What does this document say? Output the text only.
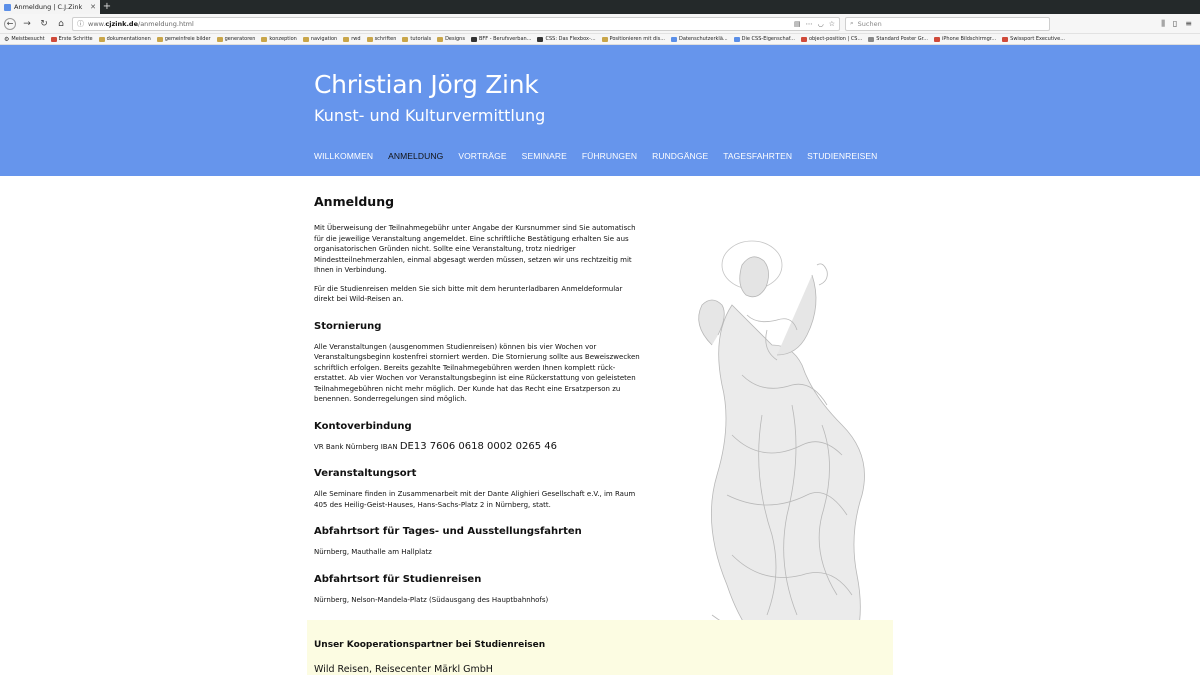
Anmeldung | C.J.Zink	✕ +
← → ↻	⌂	ⓘ www.cjzink.de/anmeldung.html	▤ ⋯ ◡ ☆ ⌕ Suchen	⫼ ▯ ≡
⚙ Meistbesucht	Erste Schritte	dokumentationen	gemeinfreie bilder	generatoren	konzeption	navigation	rwd	schriften	tutorials	Designs	BFF - Berufsverban...	CSS: Das Flexbox-...	Positionieren mit dis...	Datenschutzerklä...	Die CSS-Eigenschaf...	object-position | CS...	Standard Poster Gr...	iPhone Bildschirmgr...	Swissport Executive...
Christian Jörg Zink
Kunst- und Kulturvermittlung
WILLKOMMEN ANMELDUNG VORTRÄGE SEMINARE FÜHRUNGEN RUNDGÄNGE TAGESFAHRTEN STUDIENREISEN
Anmeldung

Mit Überweisung der Teilnahmegebühr unter Angabe der Kursnummer sind Sie automatisch für die jeweilige Veranstaltung angemeldet. Eine schriftliche Bestätigung erhalten Sie aus organisatorischen Gründen nicht. Sollte eine Veranstaltung, trotz niedriger Mindestteilnehmerzahlen, einmal abgesagt werden müssen, setzen wir uns rechtzeitig mit Ihnen in Verbindung.

Für die Studienreisen melden Sie sich bitte mit dem herunterladbaren Anmeldeformular direkt bei Wild-Reisen an.

Stornierung

Alle Veranstaltungen (ausgenommen Studienreisen) können bis vier Wochen vor Veranstaltungsbeginn kostenfrei storniert werden. Die Stornierung sollte aus Beweiszwecken schriftlich erfolgen. Bereits gezahlte Teilnahmegebühren werden Ihnen komplett rück-erstattet. Ab vier Wochen vor Veranstaltungsbeginn ist eine Rückerstattung von geleisteten Teilnahmegebühren nicht mehr möglich. Der Kunde hat das Recht eine Ersatzperson zu benennen. Sonderregelungen sind möglich.

Kontoverbindung

VR Bank Nürnberg IBAN DE13 7606 0618 0002 0265 46

Veranstaltungsort

Alle Seminare finden in Zusammenarbeit mit der Dante Alighieri Gesellschaft e.V., im Raum 405 des Heilig-Geist-Hauses, Hans-Sachs-Platz 2 in Nürnberg, statt.

Abfahrtsort für Tages- und Ausstellungsfahrten

Nürnberg, Mauthalle am Hallplatz

Abfahrtsort für Studienreisen

Nürnberg, Nelson-Mandela-Platz (Südausgang des Hauptbahnhofs)

Unser Kooperationspartner bei Studienreisen
Wild Reisen, Reisecenter Märkl GmbH
